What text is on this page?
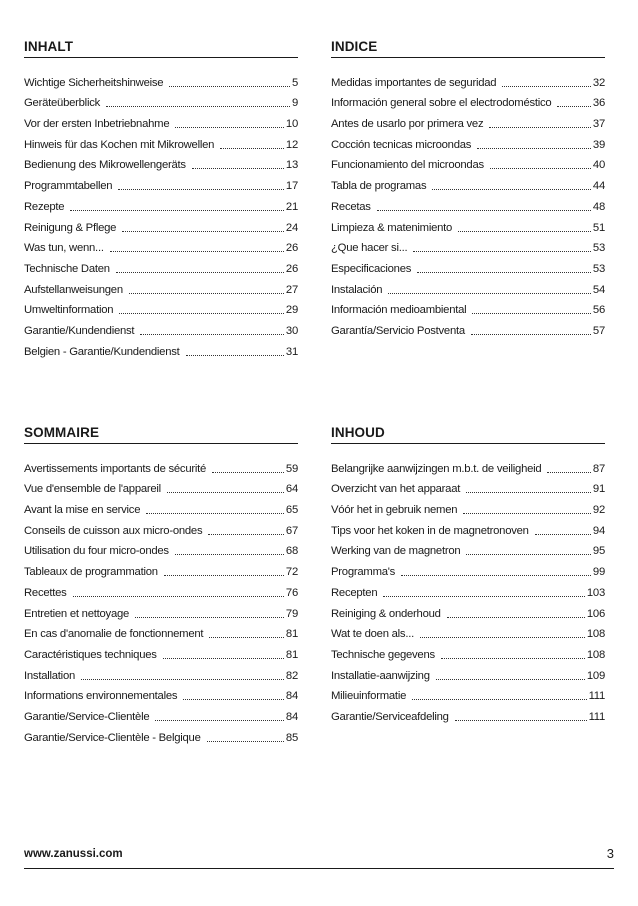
INHALT
Wichtige Sicherheitshinweise	5
Geräteüberblick	9
Vor der ersten Inbetriebnahme	10
Hinweis für das Kochen mit Mikrowellen	12
Bedienung des Mikrowellengeräts	13
Programmtabellen	17
Rezepte	21
Reinigung & Pflege	24
Was tun, wenn...	26
Technische Daten	26
Aufstellanweisungen	27
Umweltinformation	29
Garantie/Kundendienst	30
Belgien - Garantie/Kundendienst	31
INDICE
Medidas importantes de seguridad	32
Información general sobre el electrodoméstico	36
Antes de usarlo por primera vez	37
Cocción tecnicas microondas	39
Funcionamiento del microondas	40
Tabla de programas	44
Recetas	48
Limpieza & matenimiento	51
¿Que hacer si...	53
Especificaciones	53
Instalación	54
Información medioambiental	56
Garantía/Servicio Postventa	57
SOMMAIRE
Avertissements importants de sécurité	59
Vue d'ensemble de l'appareil	64
Avant la mise en service	65
Conseils de cuisson aux micro-ondes	67
Utilisation du four micro-ondes	68
Tableaux de programmation	72
Recettes	76
Entretien et nettoyage	79
En cas d'anomalie de fonctionnement	81
Caractéristiques techniques	81
Installation	82
Informations environnementales	84
Garantie/Service-Clientèle	84
Garantie/Service-Clientèle - Belgique	85
INHOUD
Belangrijke aanwijzingen m.b.t. de veiligheid	87
Overzicht van het apparaat	91
Vóór het in gebruik nemen	92
Tips voor het koken in de magnetronoven	94
Werking van de magnetron	95
Programma's	99
Recepten	103
Reiniging & onderhoud	106
Wat te doen als...	108
Technische gegevens	108
Installatie-aanwijzing	109
Milieuinformatie	111
Garantie/Serviceafdeling	111
www.zanussi.com	3
